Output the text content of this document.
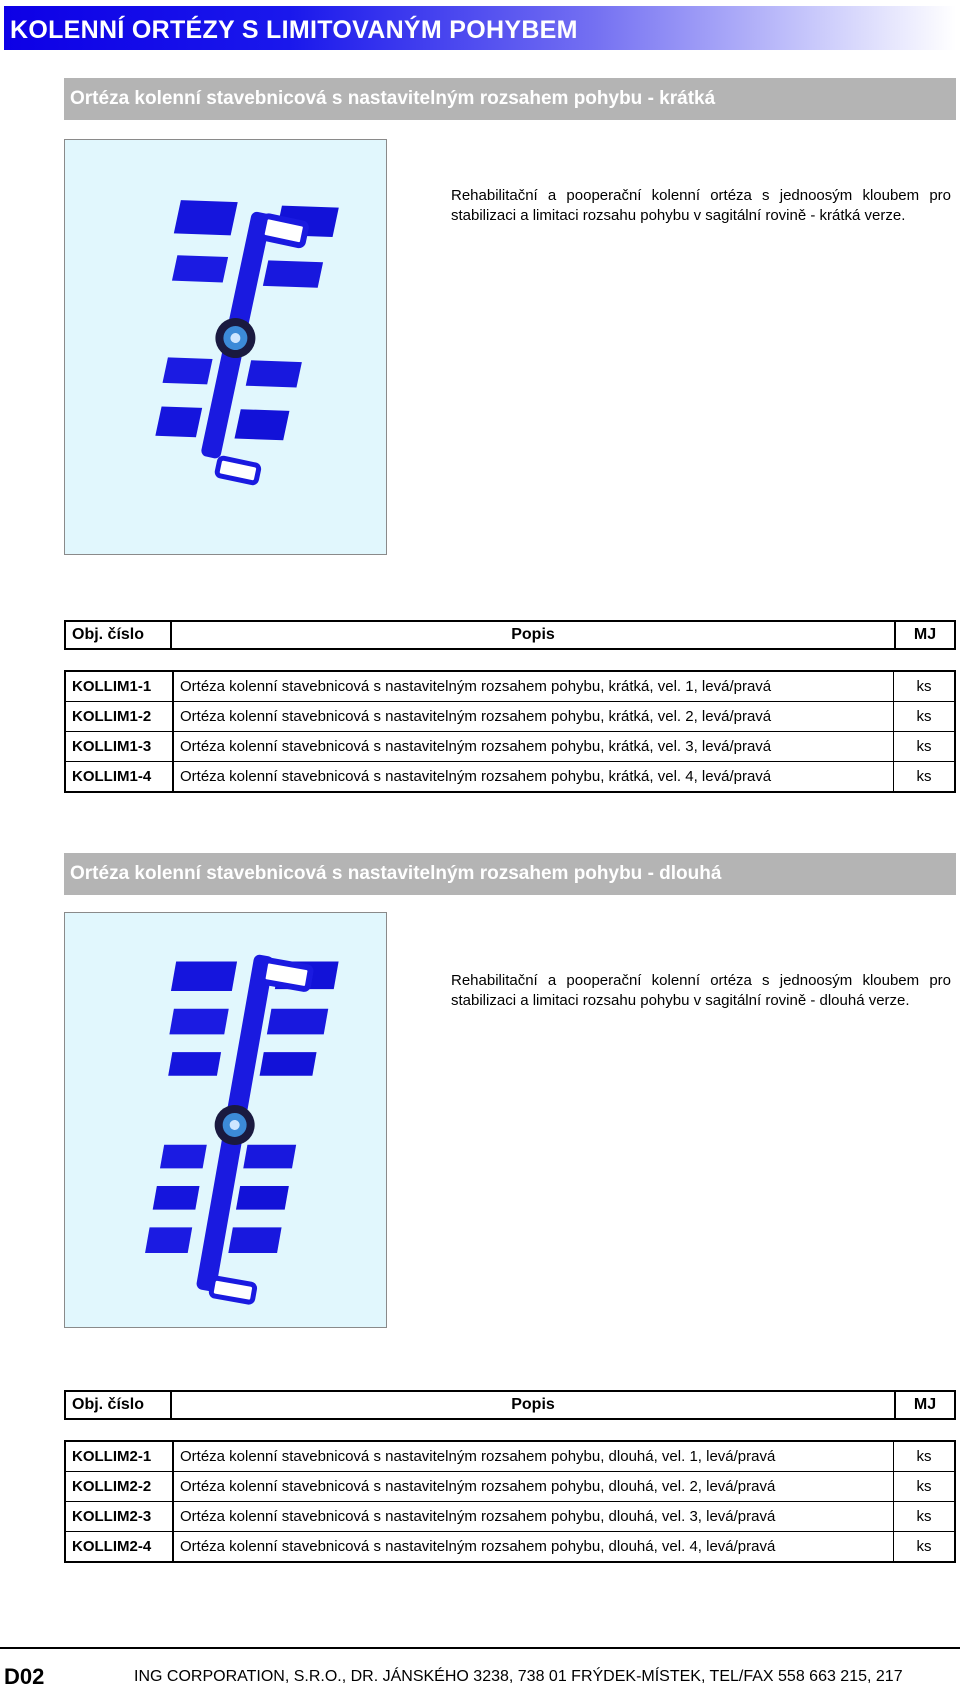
KOLENNÍ ORTÉZY S LIMITOVANÝM POHYBEM
Ortéza kolenní stavebnicová s nastavitelným rozsahem pohybu - krátká
Rehabilitační a pooperační kolenní ortéza s jednoosým kloubem pro stabilizaci a limitaci rozsahu pohybu v sagitální rovině - krátká verze.
Obj. číslo	Popis	MJ
KOLLIM1-1	Ortéza kolenní stavebnicová s nastavitelným rozsahem pohybu, krátká, vel. 1, levá/pravá	ks
KOLLIM1-2	Ortéza kolenní stavebnicová s nastavitelným rozsahem pohybu, krátká, vel. 2, levá/pravá	ks
KOLLIM1-3	Ortéza kolenní stavebnicová s nastavitelným rozsahem pohybu, krátká, vel. 3, levá/pravá	ks
KOLLIM1-4	Ortéza kolenní stavebnicová s nastavitelným rozsahem pohybu, krátká, vel. 4, levá/pravá	ks
Ortéza kolenní stavebnicová s nastavitelným rozsahem pohybu - dlouhá
Rehabilitační a pooperační kolenní ortéza s jednoosým kloubem pro stabilizaci a limitaci rozsahu pohybu v sagitální rovině - dlouhá verze.
Obj. číslo	Popis	MJ
KOLLIM2-1	Ortéza kolenní stavebnicová s nastavitelným rozsahem pohybu, dlouhá, vel. 1, levá/pravá	ks
KOLLIM2-2	Ortéza kolenní stavebnicová s nastavitelným rozsahem pohybu, dlouhá, vel. 2, levá/pravá	ks
KOLLIM2-3	Ortéza kolenní stavebnicová s nastavitelným rozsahem pohybu, dlouhá, vel. 3, levá/pravá	ks
KOLLIM2-4	Ortéza kolenní stavebnicová s nastavitelným rozsahem pohybu, dlouhá, vel. 4, levá/pravá	ks
D02	ING CORPORATION, S.R.O., DR. JÁNSKÉHO 3238, 738 01 FRÝDEK-MÍSTEK, TEL/FAX 558 663 215, 217
